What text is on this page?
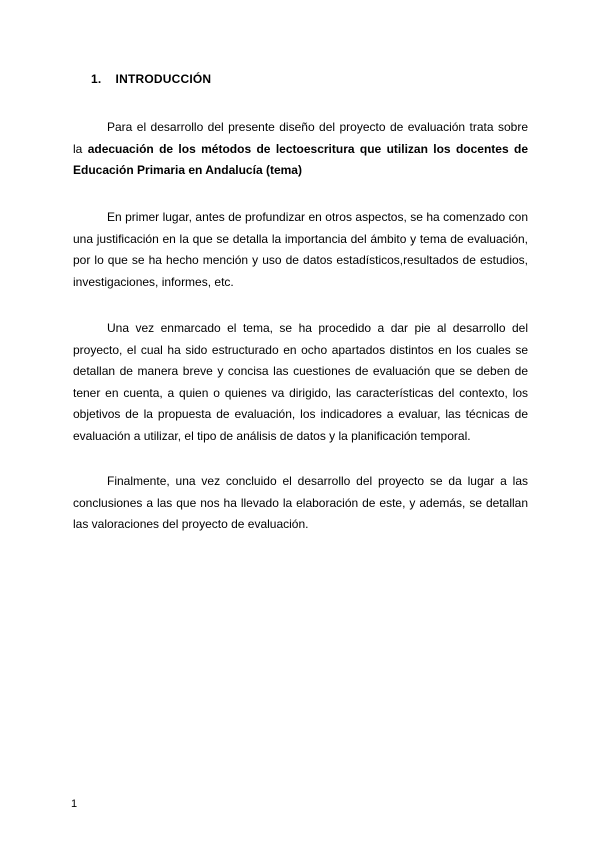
1. INTRODUCCIÓN

Para el desarrollo del presente diseño del proyecto de evaluación trata sobre la adecuación de los métodos de lectoescritura que utilizan los docentes de Educación Primaria en Andalucía (tema)

En primer lugar, antes de profundizar en otros aspectos, se ha comenzado con una justificación en la que se detalla la importancia del ámbito y tema de evaluación, por lo que se ha hecho mención y uso de datos estadísticos,resultados de estudios, investigaciones, informes, etc.

Una vez enmarcado el tema, se ha procedido a dar pie al desarrollo del proyecto, el cual ha sido estructurado en ocho apartados distintos en los cuales se detallan de manera breve y concisa las cuestiones de evaluación que se deben de tener en cuenta, a quien o quienes va dirigido, las características del contexto, los objetivos de la propuesta de evaluación, los indicadores a evaluar, las técnicas de evaluación a utilizar, el tipo de análisis de datos y la planificación temporal.

Finalmente, una vez concluido el desarrollo del proyecto se da lugar a las conclusiones a las que nos ha llevado la elaboración de este, y además, se detallan las valoraciones del proyecto de evaluación.

1
